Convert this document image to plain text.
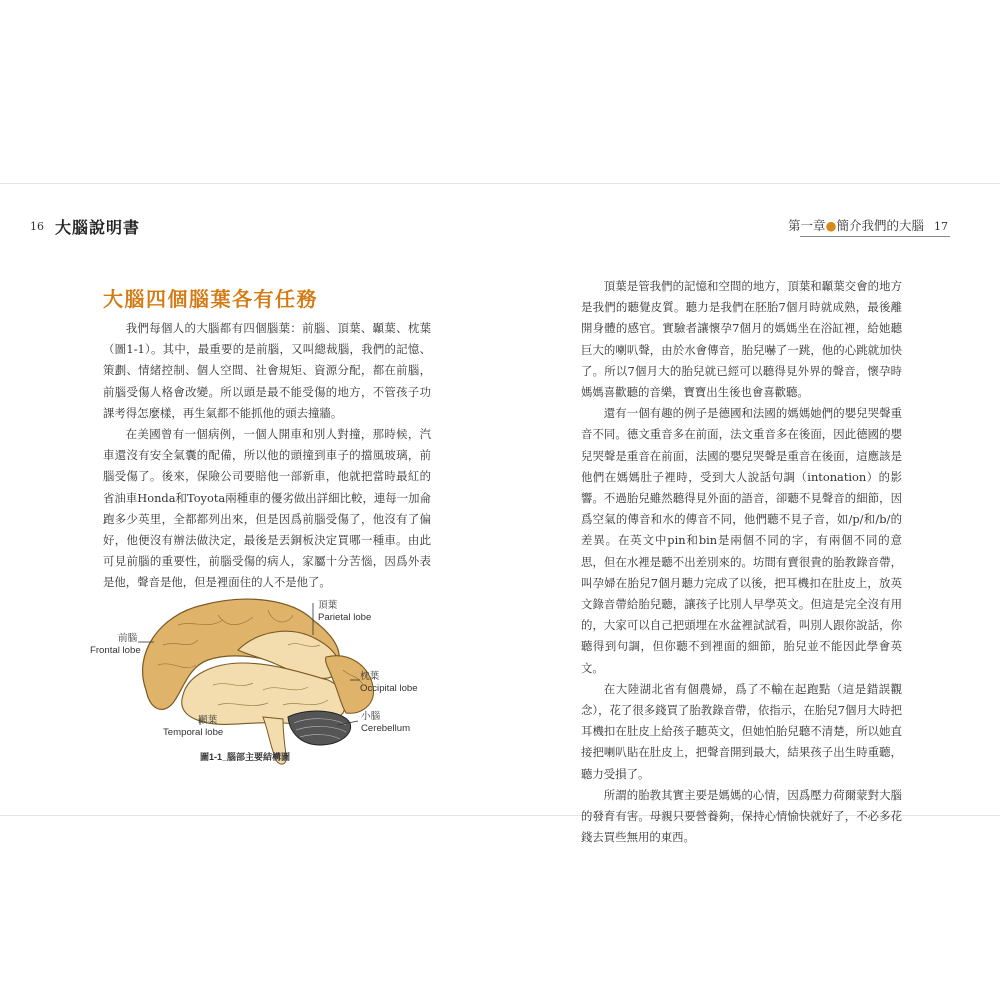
16 大腦說明書	第一章●簡介我們的大腦 17
大腦四個腦葉各有任務

我們每個人的大腦都有四個腦葉：前腦、頂葉、顳葉、枕葉（圖1-1）。其中，最重要的是前腦，又叫總裁腦，我們的記憶、策劃、情緒控制、個人空間、社會規矩、資源分配，都在前腦，前腦受傷人格會改變。所以頭是最不能受傷的地方，不管孩子功課考得怎麼樣，再生氣都不能抓他的頭去撞牆。

在美國曾有一個病例，一個人開車和別人對撞，那時候，汽車還沒有安全氣囊的配備，所以他的頭撞到車子的擋風玻璃，前腦受傷了。後來，保險公司要賠他一部新車，他就把當時最紅的省油車Honda和Toyota兩種車的優劣做出詳細比較，連每一加侖跑多少英里，全都都列出來，但是因爲前腦受傷了，他沒有了偏好，他便沒有辦法做決定，最後是丟銅板決定買哪一種車。由此可見前腦的重要性，前腦受傷的病人，家屬十分苦惱，因爲外表是他，聲音是他，但是裡面住的人不是他了。

頂葉
Parietal lobe
前腦
Frontal lobe
枕葉
Occipital lobe
小腦
Cerebellum
顳葉
Temporal lobe
圖1-1_腦部主要結構圖

頂葉是管我們的記憶和空間的地方，頂葉和顳葉交會的地方是我們的聽覺皮質。聽力是我們在胚胎7個月時就成熟，最後離開身體的感官。實驗者讓懷孕7個月的媽媽坐在浴缸裡，給她聽巨大的喇叭聲，由於水會傳音，胎兒嚇了一跳，他的心跳就加快了。所以7個月大的胎兒就已經可以聽得見外界的聲音，懷孕時媽媽喜歡聽的音樂，寶寶出生後也會喜歡聽。

還有一個有趣的例子是德國和法國的媽媽她們的嬰兒哭聲重音不同。德文重音多在前面，法文重音多在後面，因此德國的嬰兒哭聲是重音在前面，法國的嬰兒哭聲是重音在後面，這應該是他們在媽媽肚子裡時，受到大人說話句調（intonation）的影響。不過胎兒雖然聽得見外面的語音，卻聽不見聲音的細節，因爲空氣的傳音和水的傳音不同，他們聽不見子音，如/p/和/b/的差異。在英文中pin和bin是兩個不同的字，有兩個不同的意思，但在水裡是聽不出差別來的。坊間有賣很貴的胎教錄音帶，叫孕婦在胎兒7個月聽力完成了以後，把耳機扣在肚皮上，放英文錄音帶給胎兒聽，讓孩子比別人早學英文。但這是完全沒有用的，大家可以自己把頭埋在水盆裡試試看，叫別人跟你說話，你聽得到句調，但你聽不到裡面的細節，胎兒並不能因此學會英文。

在大陸湖北省有個農婦，爲了不輸在起跑點（這是錯誤觀念），花了很多錢買了胎教錄音帶，依指示，在胎兒7個月大時把耳機扣在肚皮上給孩子聽英文，但她怕胎兒聽不清楚，所以她直接把喇叭貼在肚皮上，把聲音開到最大，結果孩子出生時重聽，聽力受損了。

所謂的胎教其實主要是媽媽的心情，因爲壓力荷爾蒙對大腦的發育有害。母親只要營養夠，保持心情愉快就好了，不必多花錢去買些無用的東西。
